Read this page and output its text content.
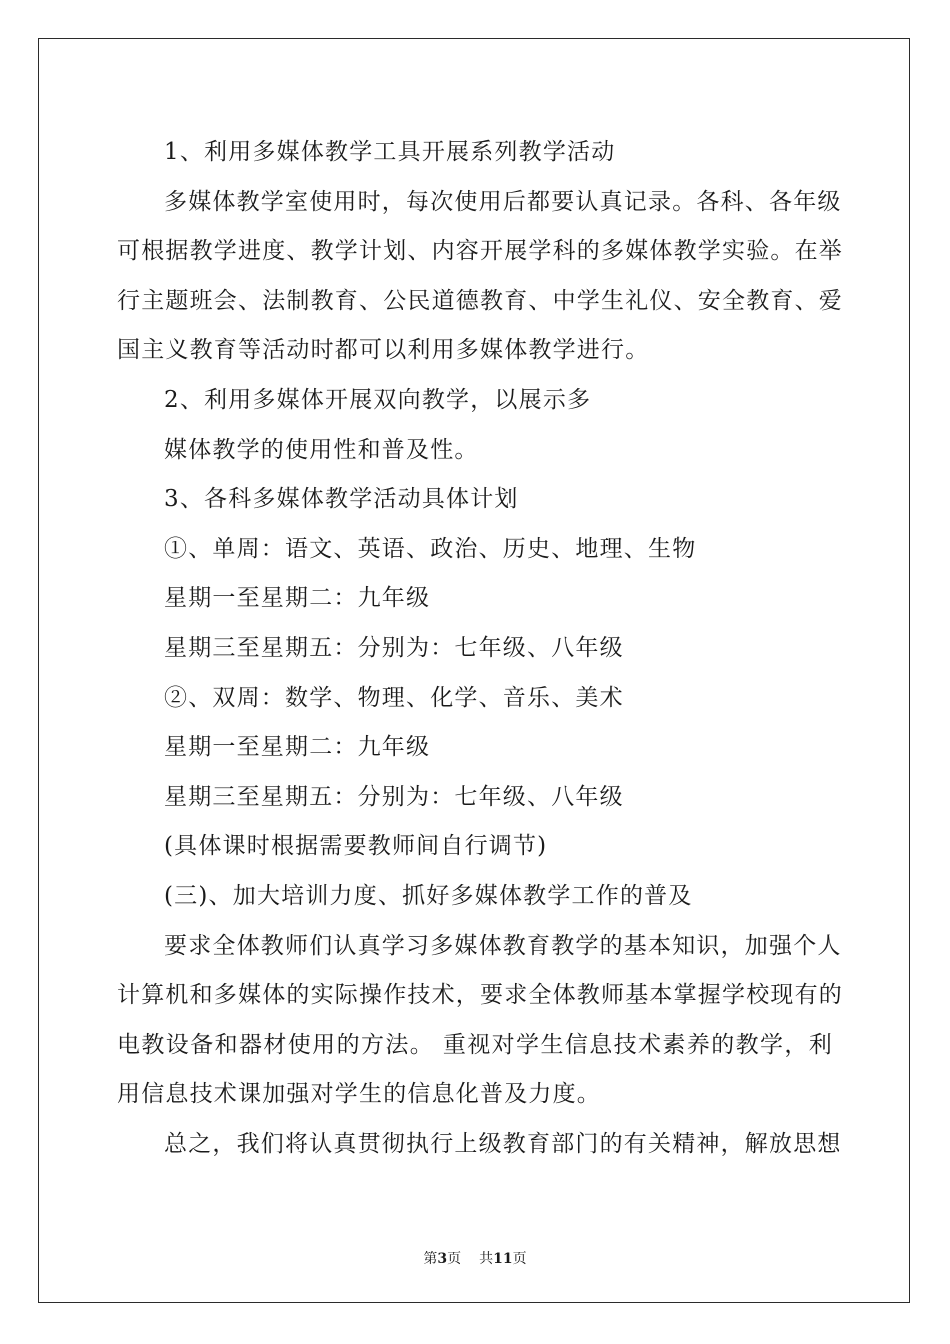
1、利用多媒体教学工具开展系列教学活动
多媒体教学室使用时，每次使用后都要认真记录。各科、各年级
可根据教学进度、教学计划、内容开展学科的多媒体教学实验。在举
行主题班会、法制教育、公民道德教育、中学生礼仪、安全教育、爱
国主义教育等活动时都可以利用多媒体教学进行。
2、利用多媒体开展双向教学，以展示多
媒体教学的使用性和普及性。
3、各科多媒体教学活动具体计划
①、单周：语文、英语、政治、历史、地理、生物
星期一至星期二：九年级
星期三至星期五：分别为：七年级、八年级
②、双周：数学、物理、化学、音乐、美术
星期一至星期二：九年级
星期三至星期五：分别为：七年级、八年级
(具体课时根据需要教师间自行调节)
(三)、加大培训力度、抓好多媒体教学工作的普及
要求全体教师们认真学习多媒体教育教学的基本知识，加强个人
计算机和多媒体的实际操作技术，要求全体教师基本掌握学校现有的
电教设备和器材使用的方法。 重视对学生信息技术素养的教学，利
用信息技术课加强对学生的信息化普及力度。
总之，我们将认真贯彻执行上级教育部门的有关精神，解放思想
第3页 共11页
